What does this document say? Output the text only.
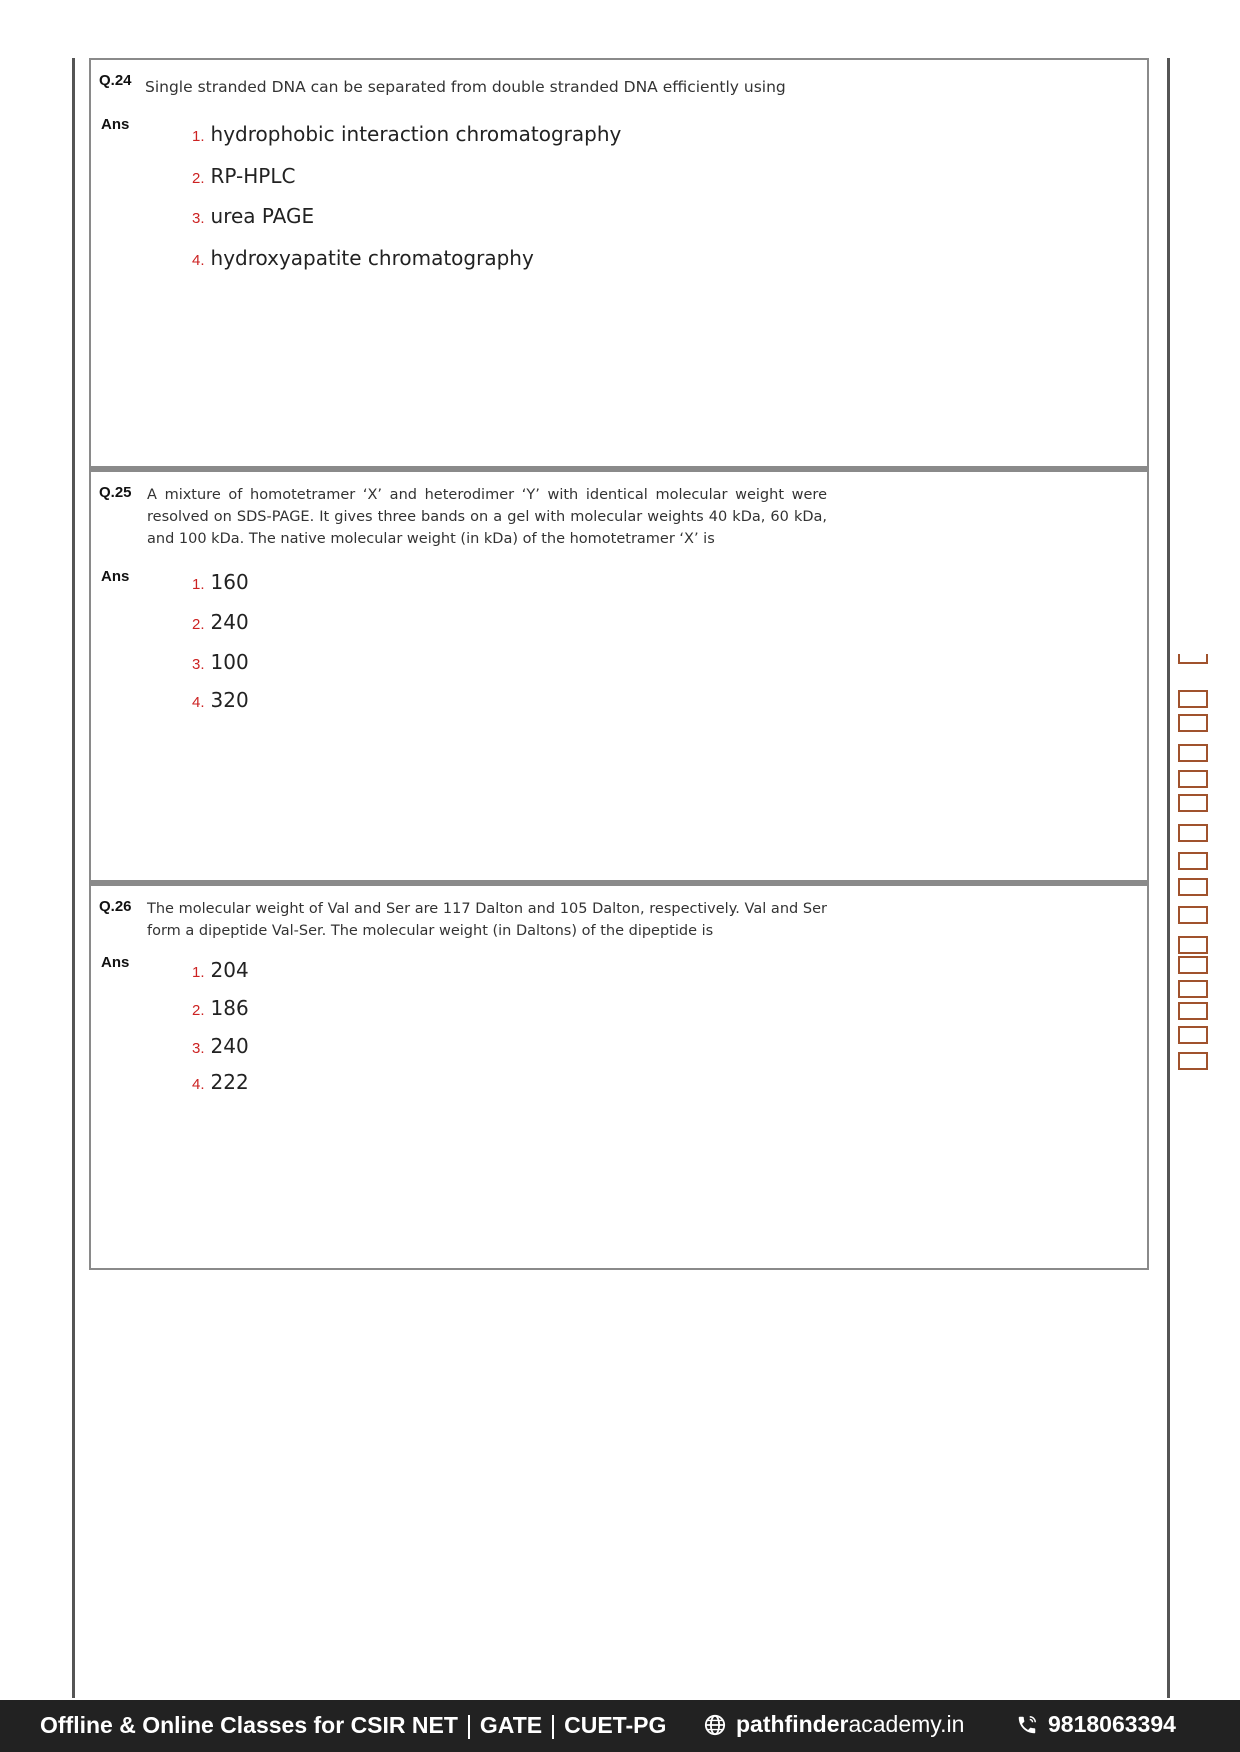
Q.24 Single stranded DNA can be separated from double stranded DNA efficiently using
Ans
1. hydrophobic interaction chromatography
2. RP-HPLC
3. urea PAGE
4. hydroxyapatite chromatography
Q.25 A mixture of homotetramer ‘X’ and heterodimer ‘Y’ with identical molecular weight were resolved on SDS-PAGE. It gives three bands on a gel with molecular weights 40 kDa, 60 kDa, and 100 kDa. The native molecular weight (in kDa) of the homotetramer ‘X’ is
Ans	1. 160
2. 240
3. 100
4. 320
Q.26 The molecular weight of Val and Ser are 117 Dalton and 105 Dalton, respectively. Val and Ser form a dipeptide Val-Ser. The molecular weight (in Daltons) of the dipeptide is
Ans
1. 204
2. 186
3. 240
4. 222
Offline & Online Classes for CSIR NET GATE CUET-PG	pathfinder academy.in	9818063394
